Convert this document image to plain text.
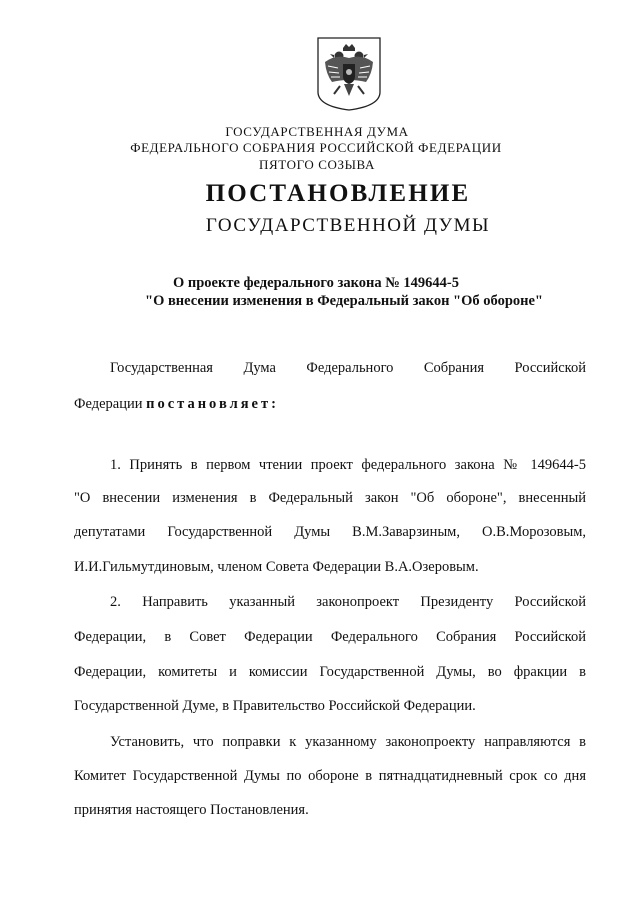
ГОСУДАРСТВЕННАЯ ДУМА
ФЕДЕРАЛЬНОГО СОБРАНИЯ РОССИЙСКОЙ ФЕДЕРАЦИИ
ПЯТОГО СОЗЫВА
ПОСТАНОВЛЕНИЕ
ГОСУДАРСТВЕННОЙ ДУМЫ
О проекте федерального закона № 149644-5
"О внесении изменения в Федеральный закон "Об обороне"
Государственная Дума Федерального Собрания Российской
Федерации постановляет:
1. Принять в первом чтении проект федерального закона № 149644-5
"О внесении изменения в Федеральный закон "Об обороне", внесенный
депутатами Государственной Думы В.М.Заварзиным, О.В.Морозовым,
И.И.Гильмутдиновым, членом Совета Федерации В.А.Озеровым.
2. Направить указанный законопроект Президенту Российской
Федерации, в Совет Федерации Федерального Собрания Российской
Федерации, комитеты и комиссии Государственной Думы, во фракции в
Государственной Думе, в Правительство Российской Федерации.
Установить, что поправки к указанному законопроекту направляются в
Комитет Государственной Думы по обороне в пятнадцатидневный срок со дня
принятия настоящего Постановления.
